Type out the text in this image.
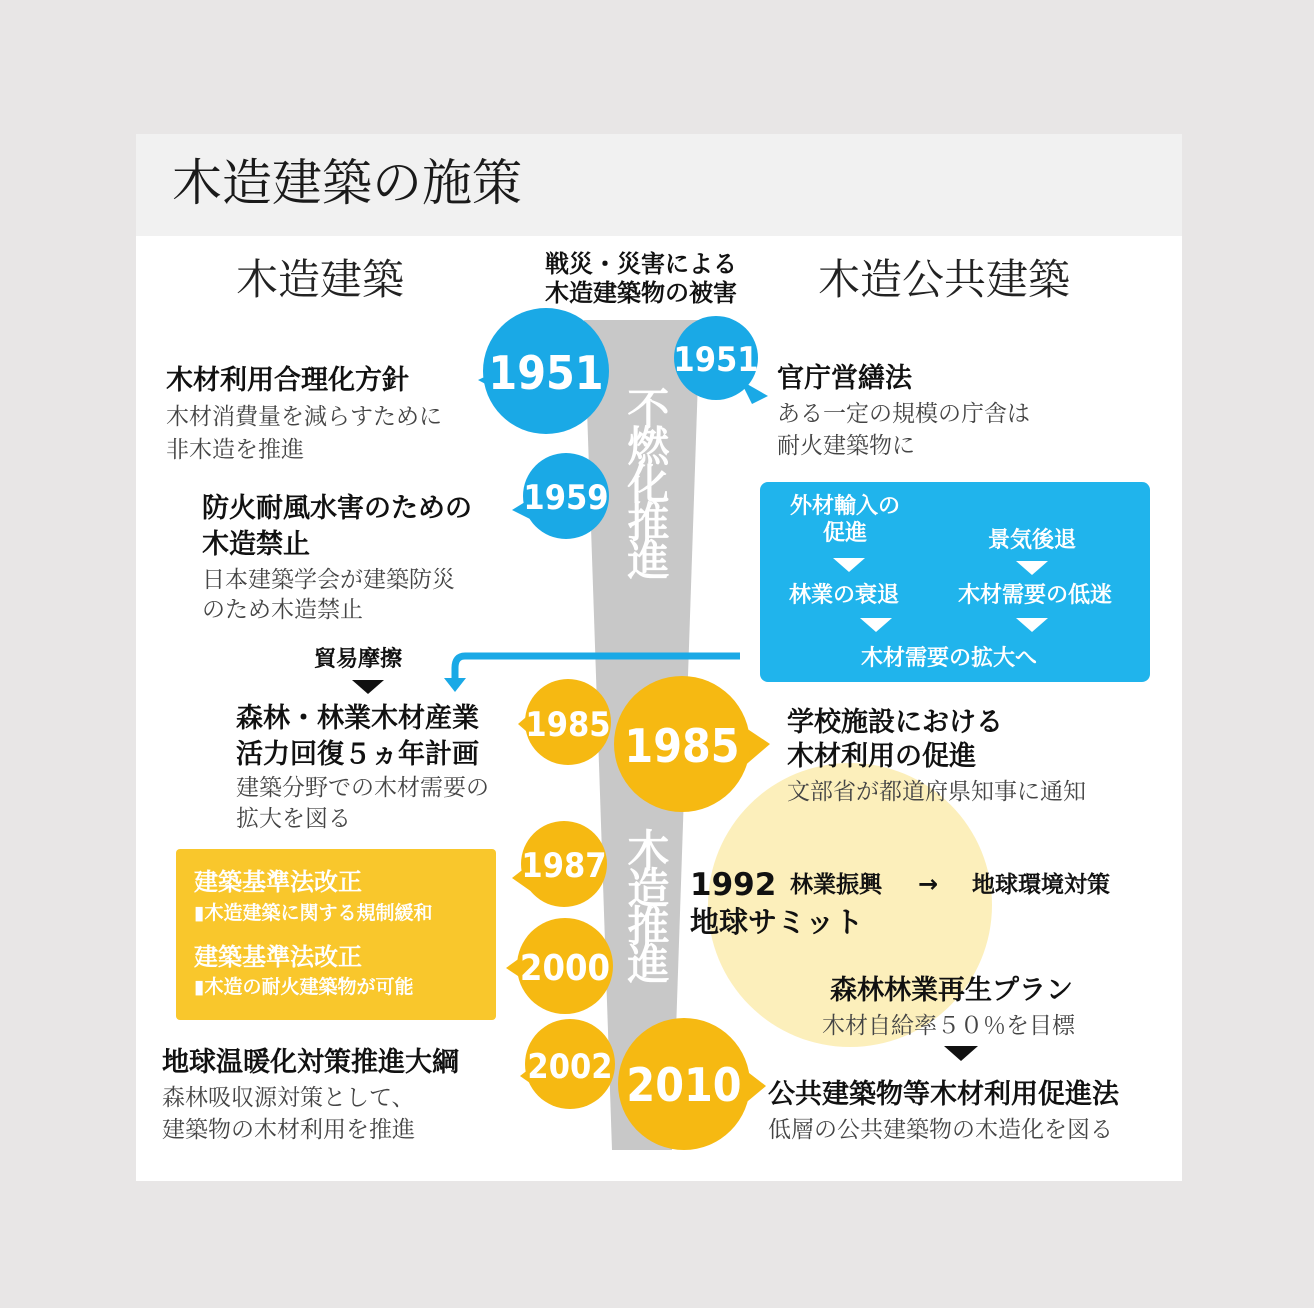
木造建築の施策
1951 1951
1959
1985 1985
1987
2000
2002 2010
不燃化推進
木造推進
木造建築	木造公共建築
戦災・災害による
木造建築物の被害
木材利用合理化方針
木材消費量を減らすために
非木造を推進
防火耐風水害のための
木造禁止
日本建築学会が建築防災
のため木造禁止
貿易摩擦
森林・林業木材産業
活力回復５ヵ年計画
建築分野での木材需要の
拡大を図る
建築基準法改正
▮木造建築に関する規制緩和
建築基準法改正
▮木造の耐火建築物が可能
地球温暖化対策推進大綱
森林吸収源対策として、
建築物の木材利用を推進
官庁営繕法
ある一定の規模の庁舎は
耐火建築物に
外材輸入の
促進
林業の衰退
景気後退
木材需要の低迷
木材需要の拡大へ
学校施設における
木材利用の促進
文部省が都道府県知事に通知
1992 林業振興 → 地球環境対策
地球サミット
森林林業再生プラン
木材自給率５０％を目標
公共建築物等木材利用促進法
低層の公共建築物の木造化を図る
